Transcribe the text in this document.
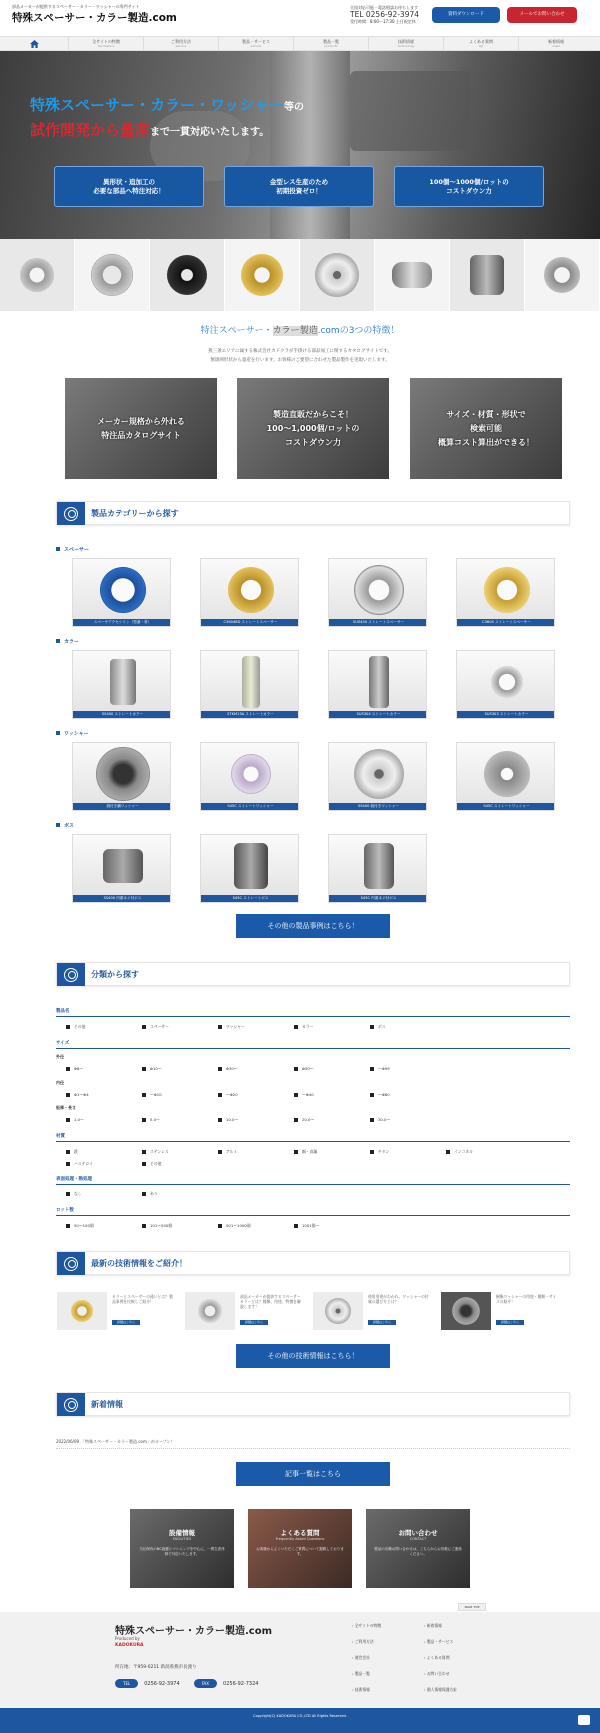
部品メーカーが提供するスペーサー・カラー・ワッシャーの専門サイト
特殊スペーサー・カラー製造.com
全国対応可能・電話相談お待ちします
TEL 0256-92-3974
受付時間：8:00〜17:30 土日祝定休
資料ダウンロード	メールでお問い合わせ
全サイトの特徴
top feature
ご利用方法
service
製品・サービス
service
製品一覧
products
技術情報
technology
よくある質問
QA
新着情報
news
特殊スペーサー・カラー・ワッシャー等の
試作開発から量産まで一貫対応いたします。
異形状・追加工の
必要な部品へ特注対応！
金型レス生産のため
初期投資ゼロ！
100個〜1000個/ロットの
コストダウン力
特注スペーサー・カラー製造.comの3つの特徴！
燕三条エリアに属する株式会社カドクラが手掛ける部品加工に関するカタログサイトです。
無規則形状から量産を行います。お客様のご要望に合わせた製品製作を実現いたします。
メーカー規格から外れる
特注品カタログサイト
製造直販だからこそ！
100〜1,000個/ロットの
コストダウン力
サイズ・材質・形状で
検索可能
概算コスト算出ができる！
製品カテゴリーから探す
スペーサー
スペーサアクセシリン（型番・青）	C3604BD ストレートスペーサー	SUS430 ストレートスペーサー	C3604 ストレートスペーサー
カラー
SS400 ストレートカラー	STKM13A ストレートカラー	SUS304 ストレートカラー	SUS303 ストレートカラー
ワッシャー
段付き鍋ワッシャー	S45C ストレートワッシャー	SS400 段付きワッシャー	S45C ストレートワッシャー
ボス
SS400 内面ネジ付ボス	S45C ストレートボス	S45C 内面ネジ付ボス
その他の製品事例はこちら！
分類から探す
製品名
その他	スペーサー	ワッシャー	カラー	ボス
サイズ
外径
Φ8〜	Φ10〜	Φ30〜	Φ50〜	〜Φ99
内径
Φ1〜Φ4	〜Φ10	〜Φ20	〜Φ40	〜Φ80
板厚・長さ
1.0〜	5.0〜	10.0〜	20.0〜	30.0〜
材質
鉄	ステンレス	アルミ	銅・真鍮	チタン	インコネル
ハステロイ	その他
表面処理・熱処理
なし	あり
ロット数
50〜100個	101〜500個	501〜1000個	1001個〜
最新の技術情報をご紹介！
カラーとスペーサーの違いとは？製品事例を比較しご紹介！
詳細はこちら
部品メーカーが提供するスペーサーカラーとは？種類、用途、特徴を解説します！
詳細はこちら
使用用途がわかれ、ワッシャーの付属の選び方とは？
詳細はこちら
樹脂ワッシャーの用途・種類・サイズの紹介！
詳細はこちら
その他の技術情報はこちら！
新着情報
2022/06/09　「特殊スペーサー・カラー製造.com」がオープン！
記事一覧はこちら
設備情報
FACILITIES
当社保有のNC旋盤とマシニングを中心に、一貫生産体制で対応いたします。
よくある質問
Frequently Asked Questions
お客様からよくいただくご質問について掲載しております。
お問い合わせ
CONTACT
製品の各種お問い合わせは、こちらからお気軽にご連絡ください。
PAGE TOP
特殊スペーサー・カラー製造.com
Produced by
KADOKURA
所在地：〒959-0211 新潟県燕市長渡り
TEL	0256-92-3974	FAX	0256-92-7324
› 全サイトの特徴
› ご利用方法
› 運営会社
› 製品一覧
› 技術情報
› 新着情報
› 製品・サービス
› よくある質問
› お問い合わせ
› 個人情報保護方針
Copyright(C) KADOKURA CO.,LTD All Rights Reserved.
